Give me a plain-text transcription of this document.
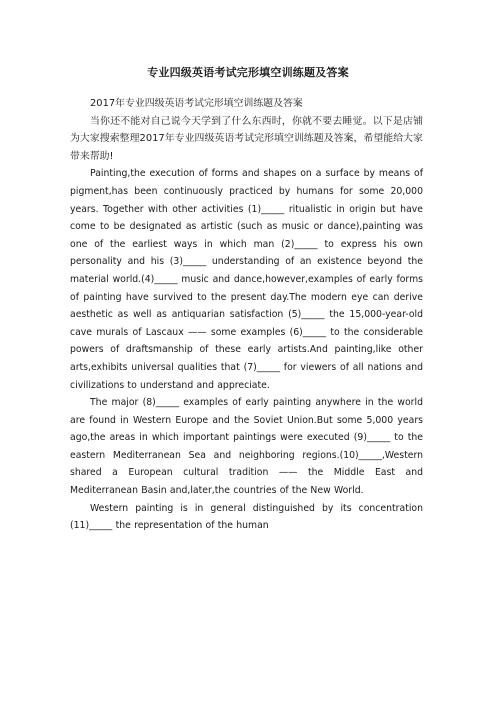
专业四级英语考试完形填空训练题及答案

2017年专业四级英语考试完形填空训练题及答案

当你还不能对自己说今天学到了什么东西时，你就不要去睡觉。以下是店铺为大家搜索整理2017年专业四级英语考试完形填空训练题及答案，希望能给大家带来帮助!

Painting,the execution of forms and shapes on a surface by means of pigment,has been continuously practiced by humans for some 20,000 years. Together with other activities (1)_____ ritualistic in origin but have come to be designated as artistic (such as music or dance),painting was one of the earliest ways in which man (2)_____ to express his own personality and his (3)_____ understanding of an existence beyond the material world.(4)_____ music and dance,however,examples of early forms of painting have survived to the present day.The modern eye can derive aesthetic as well as antiquarian satisfaction (5)_____ the 15,000-year-old cave murals of Lascaux —— some examples (6)_____ to the considerable powers of draftsmanship of these early artists.And painting,like other arts,exhibits universal qualities that (7)_____ for viewers of all nations and civilizations to understand and appreciate.

The major (8)_____ examples of early painting anywhere in the world are found in Western Europe and the Soviet Union.But some 5,000 years ago,the areas in which important paintings were executed (9)_____ to the eastern Mediterranean Sea and neighboring regions.(10)_____,Western shared a European cultural tradition —— the Middle East and Mediterranean Basin and,later,the countries of the New World.

Western painting is in general distinguished by its concentration (11)_____ the representation of the human
